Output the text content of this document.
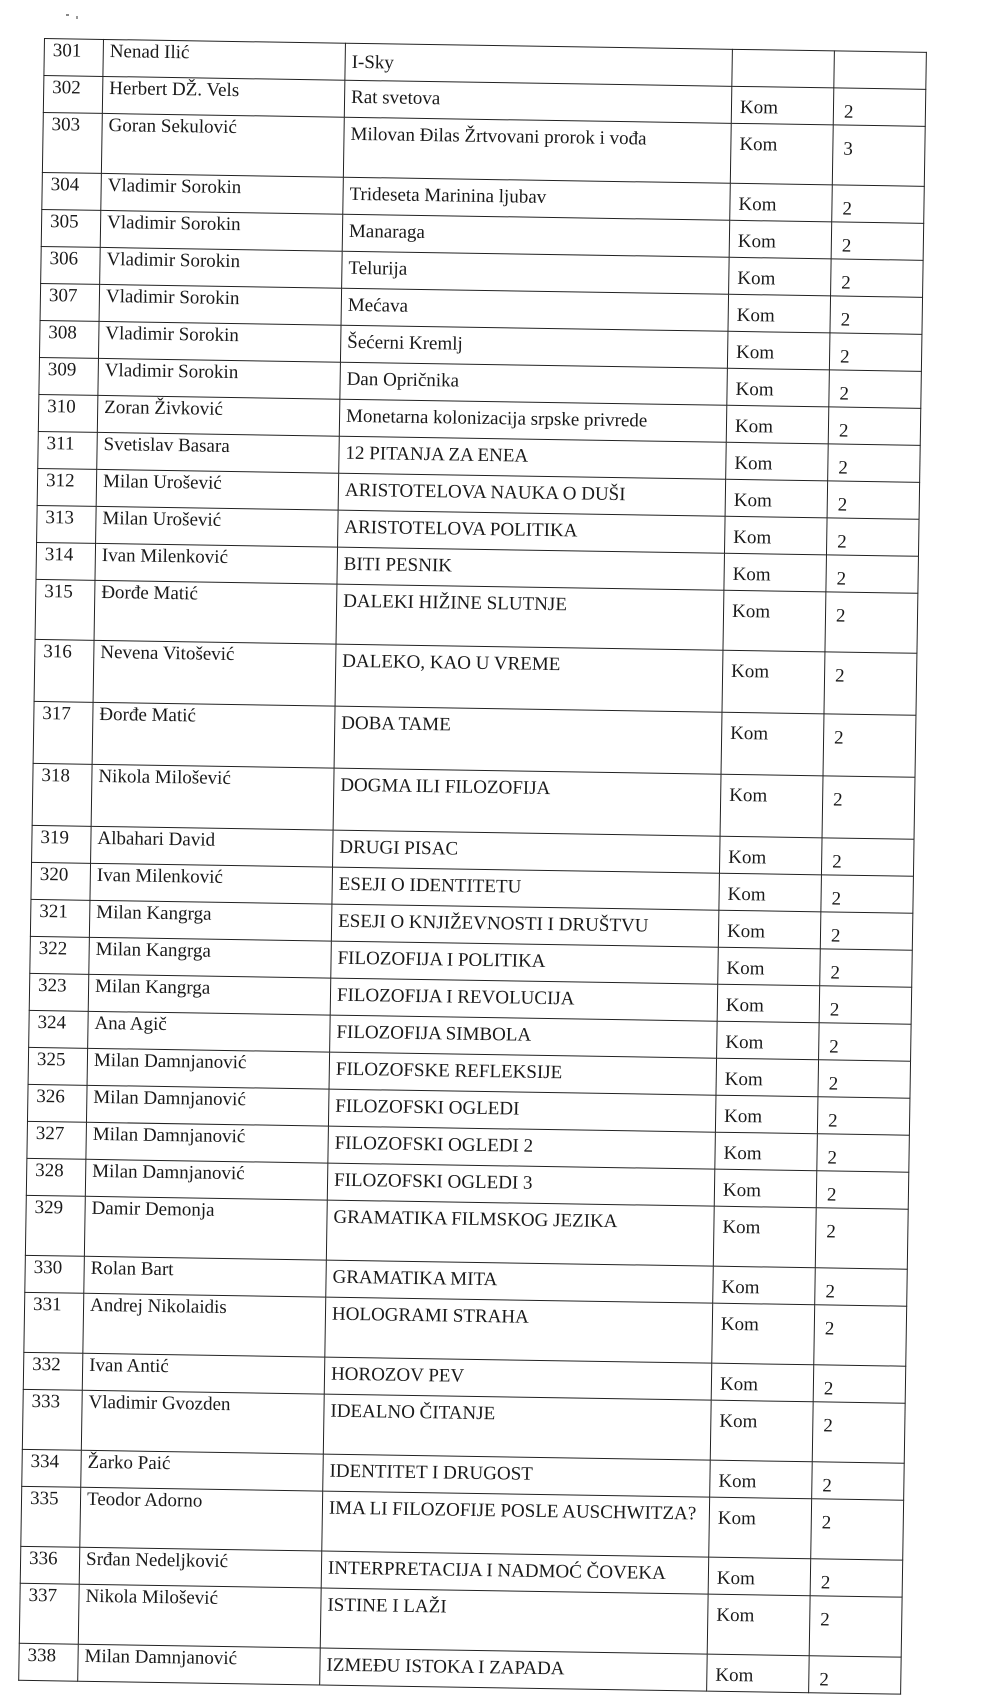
301	Nenad Ilić	I-Sky		
302	Herbert DŽ. Vels	Rat svetova	Kom	2
303	Goran Sekulović	Milovan Đilas Žrtvovani prorok i vođa	Kom	3
304	Vladimir Sorokin	Trideseta Marinina ljubav	Kom	2
305	Vladimir Sorokin	Manaraga	Kom	2
306	Vladimir Sorokin	Telurija	Kom	2
307	Vladimir Sorokin	Mećava	Kom	2
308	Vladimir Sorokin	Šećerni Kremlj	Kom	2
309	Vladimir Sorokin	Dan Opričnika	Kom	2
310	Zoran Živković	Monetarna kolonizacija srpske privrede	Kom	2
311	Svetislav Basara	12 PITANJA ZA ENEA	Kom	2
312	Milan Urošević	ARISTOTELOVA NAUKA O DUŠI	Kom	2
313	Milan Urošević	ARISTOTELOVA POLITIKA	Kom	2
314	Ivan Milenković	BITI PESNIK	Kom	2
315	Đorđe Matić	DALEKI HIŽINE SLUTNJE	Kom	2
316	Nevena Vitošević	DALEKO, KAO U VREME	Kom	2
317	Đorđe Matić	DOBA TAME	Kom	2
318	Nikola Milošević	DOGMA ILI FILOZOFIJA	Kom	2
319	Albahari David	DRUGI PISAC	Kom	2
320	Ivan Milenković	ESEJI O IDENTITETU	Kom	2
321	Milan Kangrga	ESEJI O KNJIŽEVNOSTI I DRUŠTVU	Kom	2
322	Milan Kangrga	FILOZOFIJA I POLITIKA	Kom	2
323	Milan Kangrga	FILOZOFIJA I REVOLUCIJA	Kom	2
324	Ana Agič	FILOZOFIJA SIMBOLA	Kom	2
325	Milan Damnjanović	FILOZOFSKE REFLEKSIJE	Kom	2
326	Milan Damnjanović	FILOZOFSKI OGLEDI	Kom	2
327	Milan Damnjanović	FILOZOFSKI OGLEDI 2	Kom	2
328	Milan Damnjanović	FILOZOFSKI OGLEDI 3	Kom	2
329	Damir Demonja	GRAMATIKA FILMSKOG JEZIKA	Kom	2
330	Rolan Bart	GRAMATIKA MITA	Kom	2
331	Andrej Nikolaidis	HOLOGRAMI STRAHA	Kom	2
332	Ivan Antić	HOROZOV PEV	Kom	2
333	Vladimir Gvozden	IDEALNO ČITANJE	Kom	2
334	Žarko Paić	IDENTITET I DRUGOST	Kom	2
335	Teodor Adorno	IMA LI FILOZOFIJE POSLE AUSCHWITZA?	Kom	2
336	Srđan Nedeljković	INTERPRETACIJA I NADMOĆ ČOVEKA	Kom	2
337	Nikola Milošević	ISTINE I LAŽI	Kom	2
338	Milan Damnjanović	IZMEĐU ISTOKA I ZAPADA	Kom	2
